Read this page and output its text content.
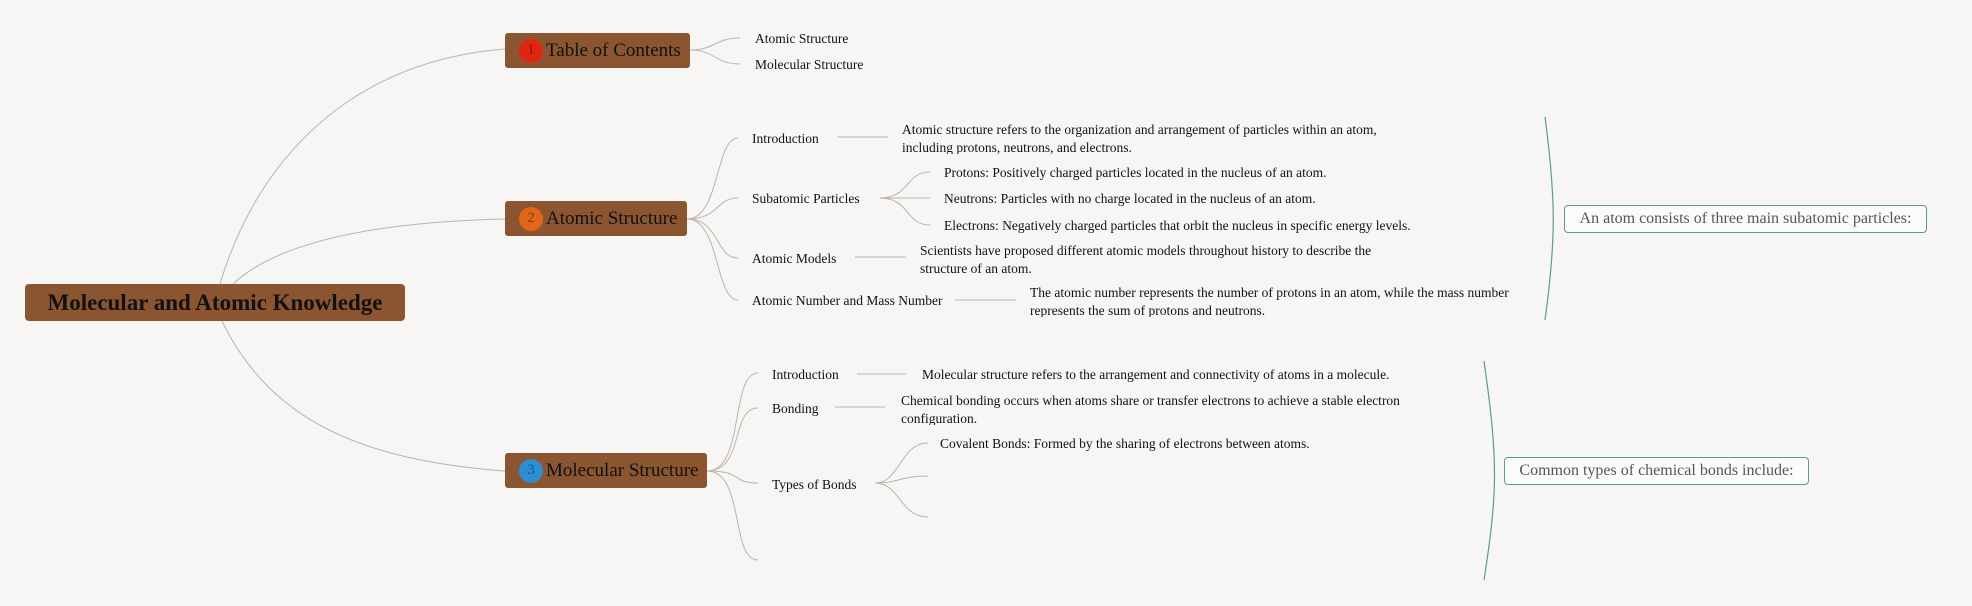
Molecular and Atomic Knowledge
1 Table of Contents
Atomic Structure
Molecular Structure
2 Atomic Structure
Introduction
Atomic structure refers to the organization and arrangement of particles within an atom, including protons, neutrons, and electrons.
Subatomic Particles
Protons: Positively charged particles located in the nucleus of an atom.
Neutrons: Particles with no charge located in the nucleus of an atom.
Electrons: Negatively charged particles that orbit the nucleus in specific energy levels.
Atomic Models
Scientists have proposed different atomic models throughout history to describe the structure of an atom.
Atomic Number and Mass Number
The atomic number represents the number of protons in an atom, while the mass number represents the sum of protons and neutrons.
An atom consists of three main subatomic particles:
3 Molecular Structure
Introduction	Molecular structure refers to the arrangement and connectivity of atoms in a molecule.
Bonding
Chemical bonding occurs when atoms share or transfer electrons to achieve a stable electron configuration.
Types of Bonds
Covalent Bonds: Formed by the sharing of electrons between atoms.
Common types of chemical bonds include:
